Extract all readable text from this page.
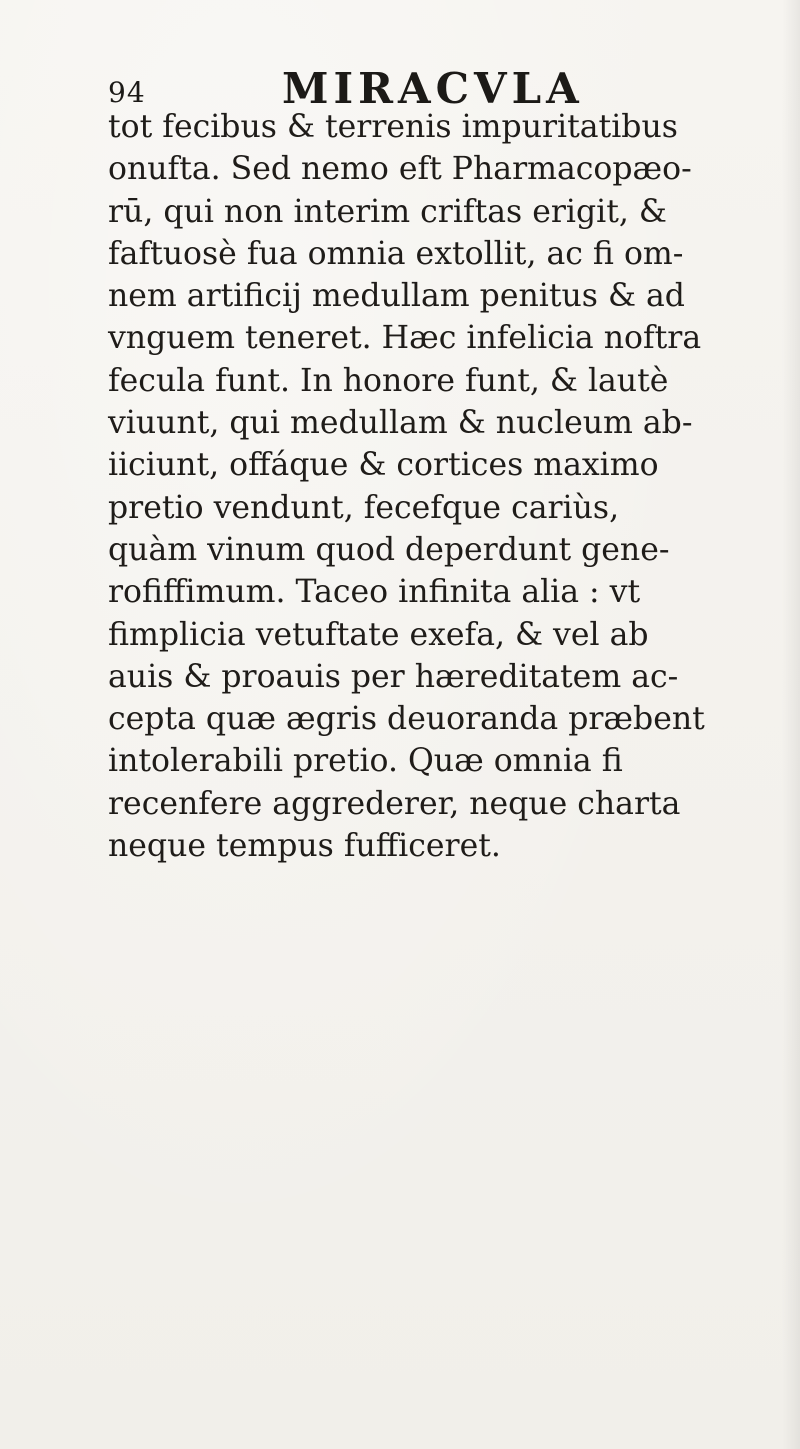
94	MIRACVLA
tot fecibus & terrenis impuritatibus
onufta. Sed nemo eft Pharmacopæo-
rū, qui non interim criftas erigit, &
faftuosè fua omnia extollit, ac fi om-
nem artificij medullam penitus & ad
vnguem teneret. Hæc infelicia noftra
fecula funt. In honore funt, & lautè
viuunt, qui medullam & nucleum ab-
iiciunt, offáque & cortices maximo
pretio vendunt, fecefque cariùs,
quàm vinum quod deperdunt gene-
rofiffimum. Taceo infinita alia : vt
fimplicia vetuftate exefa, & vel ab
auis & proauis per hæreditatem ac-
cepta quæ ægris deuoranda præbent
intolerabili pretio. Quæ omnia fi
recenfere aggrederer, neque charta
neque tempus fufficeret.
